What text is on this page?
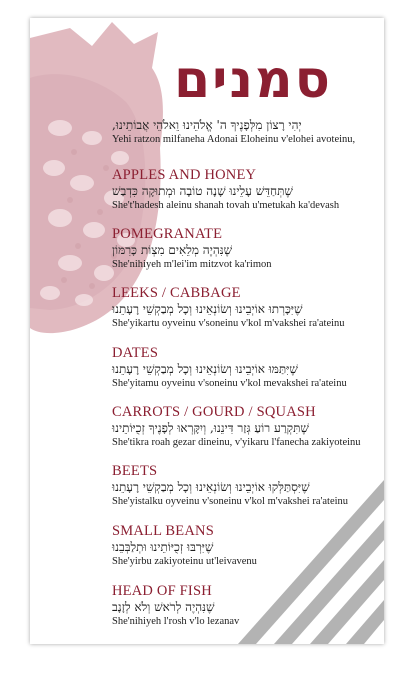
סמנים

יְהִי רָצוֹן מִלְּפָנֶיךָ ה' אֱלֹהֵינוּ וֵאלֹהֵי אֲבוֹתֵינוּ,

Yehi ratzon milfaneha Adonai Eloheinu v'elohei avoteinu,

APPLES AND HONEY

שֶׁתְּחַדֵּשׁ עָלֵינוּ שָׁנָה טוֹבָה וּמְתוּקָה כִּדְבַשׁ

She't'hadesh aleinu shanah tovah u'metukah ka'devash

POMEGRANATE

שֶׁנִּהְיֶה מְלֵאִים מִצְוֹת כָּרִמּוֹן

She'nihiyeh m'lei'im mitzvot ka'rimon

LEEKS / CABBAGE

שֶׁיִּכָּרְתוּ אוֹיְבֵינוּ וְשׂוֹנְאֵינוּ וְכָל מְבַקְשֵׁי רָעָתֵנוּ

She'yikartu oyveinu v'soneinu v'kol m'vakshei ra'ateinu

DATES

שֶׁיִּתַּמּוּ אוֹיְבֵינוּ וְשׂוֹנְאֵינוּ וְכָל מְבַקְשֵׁי רָעָתֵנוּ

She'yitamu oyveinu v'soneinu v'kol mevakshei ra'ateinu

CARROTS / GOURD / SQUASH

שֶׁתִּקְרַע רוֹעַ גְּזַר דִּינֵנוּ, וְיִקָּרְאוּ לְפָנֶיךָ זְכֻיּוֹתֵינוּ

She'tikra roah gezar dineinu, v'yikaru l'fanecha zakiyoteinu

BEETS

שֶׁיִּסְתַּלְּקוּ אוֹיְבֵינוּ וְשׂוֹנְאֵינוּ וְכָל מְבַקְשֵׁי רָעָתֵנוּ

She'yistalku oyveinu v'soneinu v'kol m'vakshei ra'ateinu

SMALL BEANS

שֶׁיִּרְבּוּ זְכֻיּוֹתֵינוּ וּתְלַבְּבֵנוּ

She'yirbu zakiyoteinu ut'leivavenu

HEAD OF FISH

שֶׁנִּהְיֶה לְרֹאשׁ וְלֹא לְזָנָב

She'nihiyeh l'rosh v'lo lezanav
